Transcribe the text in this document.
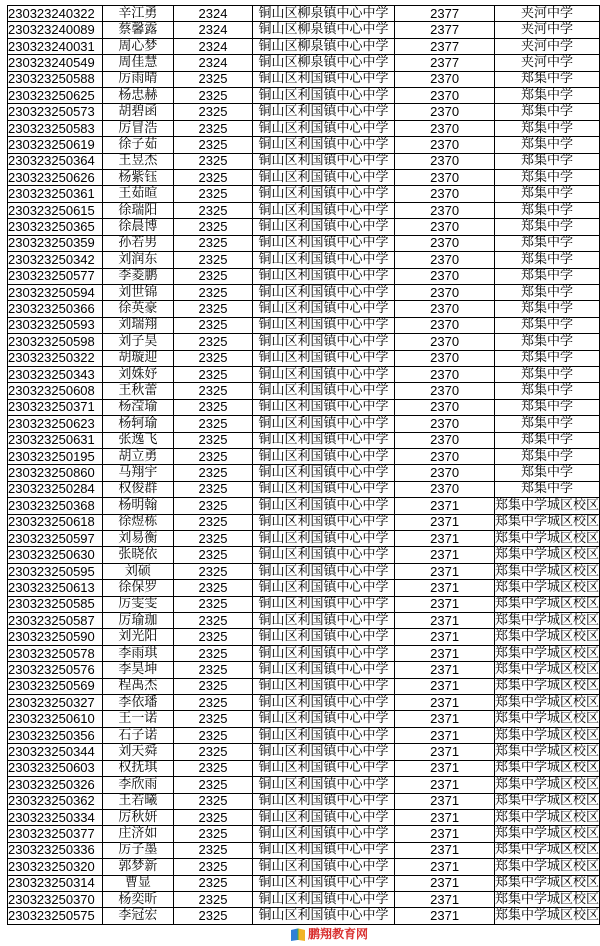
230323240322	辛江勇	2324	铜山区柳泉镇中心中学	2377	夹河中学
230323240089	蔡馨露	2324	铜山区柳泉镇中心中学	2377	夹河中学
230323240031	周心梦	2324	铜山区柳泉镇中心中学	2377	夹河中学
230323240549	周佳慧	2324	铜山区柳泉镇中心中学	2377	夹河中学
230323250588	厉雨晴	2325	铜山区利国镇中心中学	2370	郑集中学
230323250625	杨忠赫	2325	铜山区利国镇中心中学	2370	郑集中学
230323250573	胡碧函	2325	铜山区利国镇中心中学	2370	郑集中学
230323250583	厉冒浩	2325	铜山区利国镇中心中学	2370	郑集中学
230323250619	徐子茹	2325	铜山区利国镇中心中学	2370	郑集中学
230323250364	王昱杰	2325	铜山区利国镇中心中学	2370	郑集中学
230323250626	杨紫钰	2325	铜山区利国镇中心中学	2370	郑集中学
230323250361	王茹暄	2325	铜山区利国镇中心中学	2370	郑集中学
230323250615	徐瑞阳	2325	铜山区利国镇中心中学	2370	郑集中学
230323250365	徐晨博	2325	铜山区利国镇中心中学	2370	郑集中学
230323250359	孙若男	2325	铜山区利国镇中心中学	2370	郑集中学
230323250342	刘润东	2325	铜山区利国镇中心中学	2370	郑集中学
230323250577	李菱鹏	2325	铜山区利国镇中心中学	2370	郑集中学
230323250594	刘世锦	2325	铜山区利国镇中心中学	2370	郑集中学
230323250366	徐英豪	2325	铜山区利国镇中心中学	2370	郑集中学
230323250593	刘瑞翔	2325	铜山区利国镇中心中学	2370	郑集中学
230323250598	刘子昊	2325	铜山区利国镇中心中学	2370	郑集中学
230323250322	胡璇迎	2325	铜山区利国镇中心中学	2370	郑集中学
230323250343	刘姝妤	2325	铜山区利国镇中心中学	2370	郑集中学
230323250608	王秋蕾	2325	铜山区利国镇中心中学	2370	郑集中学
230323250371	杨滢瑜	2325	铜山区利国镇中心中学	2370	郑集中学
230323250623	杨轲瑜	2325	铜山区利国镇中心中学	2370	郑集中学
230323250631	张逸飞	2325	铜山区利国镇中心中学	2370	郑集中学
230323250195	胡立勇	2325	铜山区利国镇中心中学	2370	郑集中学
230323250860	马翔宇	2325	铜山区利国镇中心中学	2370	郑集中学
230323250284	权俊群	2325	铜山区利国镇中心中学	2370	郑集中学
230323250368	杨明翰	2325	铜山区利国镇中心中学	2371	郑集中学城区校区
230323250618	徐煜栋	2325	铜山区利国镇中心中学	2371	郑集中学城区校区
230323250597	刘易衡	2325	铜山区利国镇中心中学	2371	郑集中学城区校区
230323250630	张晓依	2325	铜山区利国镇中心中学	2371	郑集中学城区校区
230323250595	刘硕	2325	铜山区利国镇中心中学	2371	郑集中学城区校区
230323250613	徐保罗	2325	铜山区利国镇中心中学	2371	郑集中学城区校区
230323250585	厉雯雯	2325	铜山区利国镇中心中学	2371	郑集中学城区校区
230323250587	厉瑜珈	2325	铜山区利国镇中心中学	2371	郑集中学城区校区
230323250590	刘光阳	2325	铜山区利国镇中心中学	2371	郑集中学城区校区
230323250578	李雨琪	2325	铜山区利国镇中心中学	2371	郑集中学城区校区
230323250576	李昊坤	2325	铜山区利国镇中心中学	2371	郑集中学城区校区
230323250569	程禹杰	2325	铜山区利国镇中心中学	2371	郑集中学城区校区
230323250327	李依璠	2325	铜山区利国镇中心中学	2371	郑集中学城区校区
230323250610	王一诺	2325	铜山区利国镇中心中学	2371	郑集中学城区校区
230323250356	石子诺	2325	铜山区利国镇中心中学	2371	郑集中学城区校区
230323250344	刘天舜	2325	铜山区利国镇中心中学	2371	郑集中学城区校区
230323250603	权抚琪	2325	铜山区利国镇中心中学	2371	郑集中学城区校区
230323250326	李欣雨	2325	铜山区利国镇中心中学	2371	郑集中学城区校区
230323250362	王若曦	2325	铜山区利国镇中心中学	2371	郑集中学城区校区
230323250334	厉秋妍	2325	铜山区利国镇中心中学	2371	郑集中学城区校区
230323250377	庄济如	2325	铜山区利国镇中心中学	2371	郑集中学城区校区
230323250336	厉子墨	2325	铜山区利国镇中心中学	2371	郑集中学城区校区
230323250320	郭梦新	2325	铜山区利国镇中心中学	2371	郑集中学城区校区
230323250314	曹显	2325	铜山区利国镇中心中学	2371	郑集中学城区校区
230323250370	杨奕昕	2325	铜山区利国镇中心中学	2371	郑集中学城区校区
230323250575	李冠宏	2325	铜山区利国镇中心中学	2371	郑集中学城区校区
鹏翔教育网
